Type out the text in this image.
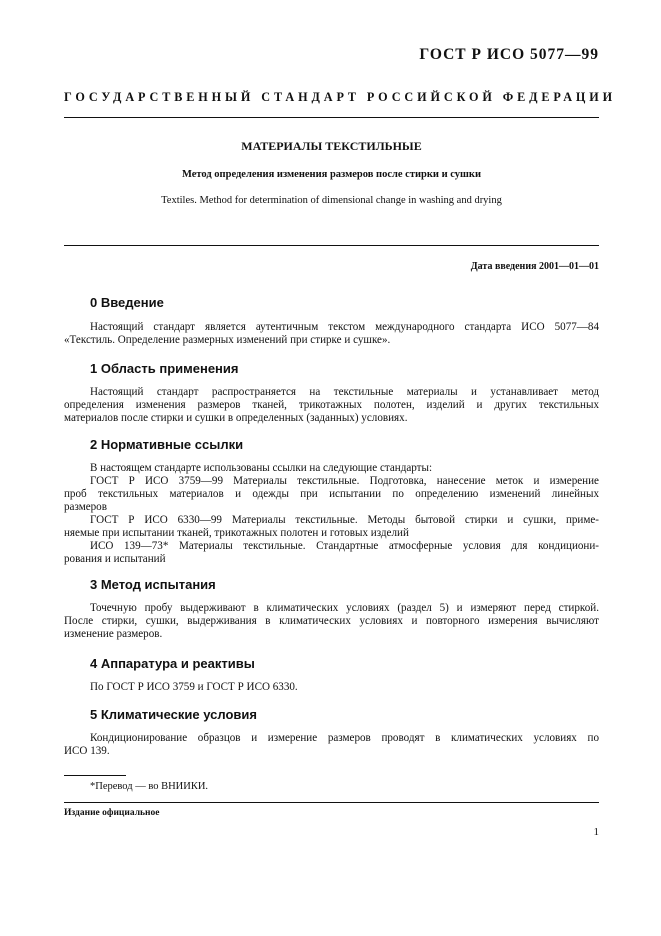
ГОСТ Р ИСО 5077—99
ГОСУДАРСТВЕННЫЙ СТАНДАРТ РОССИЙСКОЙ ФЕДЕРАЦИИ
МАТЕРИАЛЫ ТЕКСТИЛЬНЫЕ
Метод определения изменения размеров после стирки и сушки
Textiles. Method for determination of dimensional change in washing and drying
Дата введения 2001—01—01
0 Введение
Настоящий стандарт является аутентичным текстом международного стандарта ИСО 5077—84
«Текстиль. Определение размерных изменений при стирке и сушке».
1 Область применения
Настоящий стандарт распространяется на текстильные материалы и устанавливает метод
определения изменения размеров тканей, трикотажных полотен, изделий и других текстильных
материалов после стирки и сушки в определенных (заданных) условиях.
2 Нормативные ссылки
В настоящем стандарте использованы ссылки на следующие стандарты:
ГОСТ Р ИСО 3759—99 Материалы текстильные. Подготовка, нанесение меток и измерение
проб текстильных материалов и одежды при испытании по определению изменений линейных
размеров
ГОСТ Р ИСО 6330—99 Материалы текстильные. Методы бытовой стирки и сушки, приме-
няемые при испытании тканей, трикотажных полотен и готовых изделий
ИСО 139—73* Материалы текстильные. Стандартные атмосферные условия для кондициони-
рования и испытаний
3 Метод испытания
Точечную пробу выдерживают в климатических условиях (раздел 5) и измеряют перед стиркой.
После стирки, сушки, выдерживания в климатических условиях и повторного измерения вычисляют
изменение размеров.
4 Аппаратура и реактивы
По ГОСТ Р ИСО 3759 и ГОСТ Р ИСО 6330.
5 Климатические условия
Кондиционирование образцов и измерение размеров проводят в климатических условиях по
ИСО 139.
*Перевод — во ВНИИКИ.
Издание официальное
1
